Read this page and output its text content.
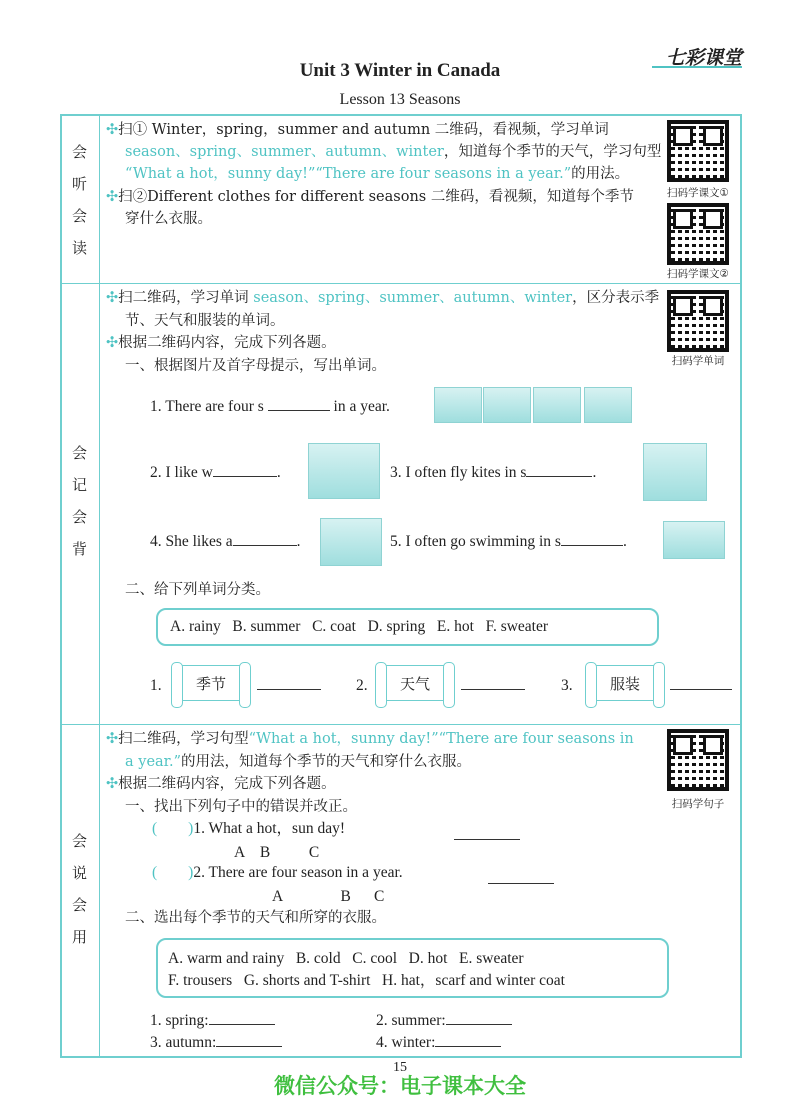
Unit 3 Winter in Canada
Lesson 13 Seasons
七彩课堂
会
听
会
读
会
记
会
背
会
说
会
用
✣扫① Winter，spring，summer and autumn 二维码，看视频，学习单词
season、spring、summer、autumn、winter，知道每个季节的天气，学习句型
“What a hot，sunny day!”“There are four seasons in a year.”的用法。
✣扫②Different clothes for different seasons 二维码，看视频，知道每个季节
穿什么衣服。
扫码学课文①
扫码学课文②
✣扫二维码，学习单词 season、spring、summer、autumn、winter，区分表示季
节、天气和服装的单词。
✣根据二维码内容，完成下列各题。
一、根据图片及首字母提示，写出单词。	扫码学单词
1. There are four s	in a year.
2. I like w	.	3. I often fly kites in s	.
4. She likes a	.	5. I often go swimming in s	.
二、给下列单词分类。
A. rainy   B. summer   C. coat   D. spring   E. hot   F. sweater
1.	季节	2.	天气	3.	服装
✣扫二维码，学习句型“What a hot，sunny day!”“There are four seasons in
a year.”的用法，知道每个季节的天气和穿什么衣服。
✣根据二维码内容，完成下列各题。
一、找出下列句子中的错误并改正。	扫码学句子
(　　)1. What a hot，sun day!
A    B          C
(　　)2. There are four season in a year.
A               B      C
二、选出每个季节的天气和所穿的衣服。
A. warm and rainy   B. cold   C. cool   D. hot   E. sweater
F. trousers   G. shorts and T-shirt   H. hat，scarf and winter coat
1. spring:	2. summer:
3. autumn:	4. winter:
15
微信公众号：电子课本大全
